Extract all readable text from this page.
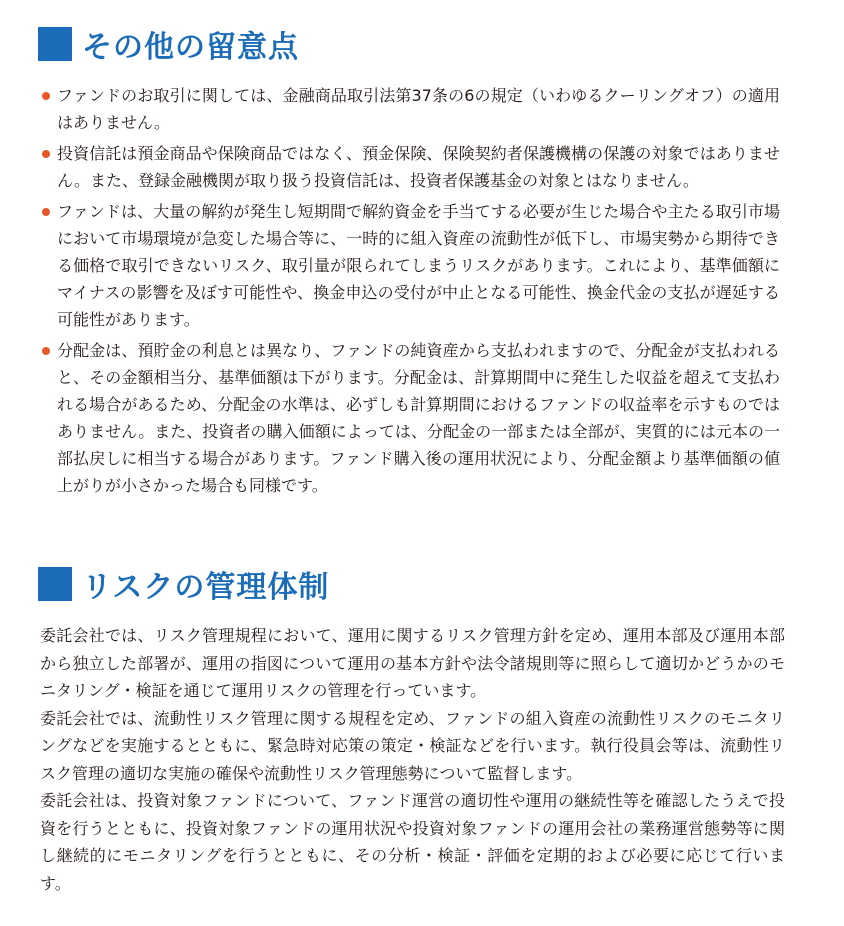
その他の留意点
ファンドのお取引に関しては、金融商品取引法第37条の6の規定（いわゆるクーリングオフ）の適用はありません。
投資信託は預金商品や保険商品ではなく、預金保険、保険契約者保護機構の保護の対象ではありません。また、登録金融機関が取り扱う投資信託は、投資者保護基金の対象とはなりません。
ファンドは、大量の解約が発生し短期間で解約資金を手当てする必要が生じた場合や主たる取引市場において市場環境が急変した場合等に、一時的に組入資産の流動性が低下し、市場実勢から期待できる価格で取引できないリスク、取引量が限られてしまうリスクがあります。これにより、基準価額にマイナスの影響を及ぼす可能性や、換金申込の受付が中止となる可能性、換金代金の支払が遅延する可能性があります。
分配金は、預貯金の利息とは異なり、ファンドの純資産から支払われますので、分配金が支払われると、その金額相当分、基準価額は下がります。分配金は、計算期間中に発生した収益を超えて支払われる場合があるため、分配金の水準は、必ずしも計算期間におけるファンドの収益率を示すものではありません。また、投資者の購入価額によっては、分配金の一部または全部が、実質的には元本の一部払戻しに相当する場合があります。ファンド購入後の運用状況により、分配金額より基準価額の値上がりが小さかった場合も同様です。
リスクの管理体制

委託会社では、リスク管理規程において、運用に関するリスク管理方針を定め、運用本部及び運用本部から独立した部署が、運用の指図について運用の基本方針や法令諸規則等に照らして適切かどうかのモニタリング・検証を通じて運用リスクの管理を行っています。

委託会社では、流動性リスク管理に関する規程を定め、ファンドの組入資産の流動性リスクのモニタリングなどを実施するとともに、緊急時対応策の策定・検証などを行います。執行役員会等は、流動性リスク管理の適切な実施の確保や流動性リスク管理態勢について監督します。

委託会社は、投資対象ファンドについて、ファンド運営の適切性や運用の継続性等を確認したうえで投資を行うとともに、投資対象ファンドの運用状況や投資対象ファンドの運用会社の業務運営態勢等に関し継続的にモニタリングを行うとともに、その分析・検証・評価を定期的および必要に応じて行います。
